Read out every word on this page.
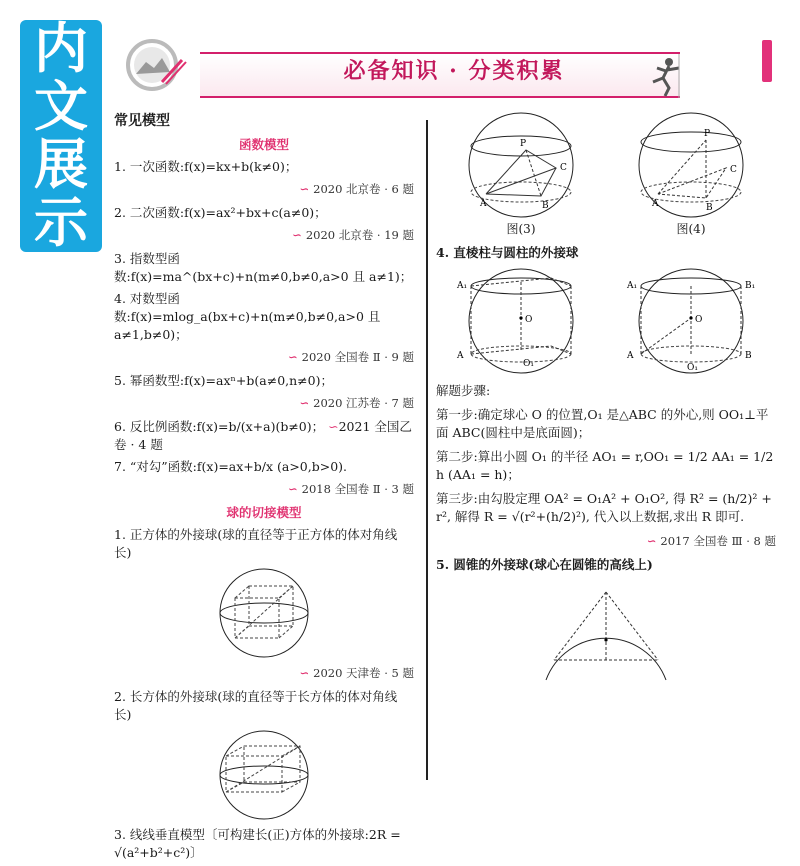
内
文
展
示
必备知识 · 分类积累
常见模型
函数模型
1. 一次函数:f(x)=kx+b(k≠0)；
∽ 2020 北京卷 · 6 题
2. 二次函数:f(x)=ax²+bx+c(a≠0)；
∽ 2020 北京卷 · 19 题
3. 指数型函数:f(x)=ma^(bx+c)+n(m≠0,b≠0,a>0 且 a≠1)；
4. 对数型函数:f(x)=mlog_a(bx+c)+n(m≠0,b≠0,a>0 且 a≠1,b≠0)；
∽ 2020 全国卷 Ⅱ · 9 题
5. 幂函数型:f(x)=axⁿ+b(a≠0,n≠0)；
∽ 2020 江苏卷 · 7 题
6. 反比例函数:f(x)=b/(x+a)(b≠0)； ∽2021 全国乙卷 · 4 题
7. “对勾”函数:f(x)=ax+b/x (a>0,b>0).
∽ 2018 全国卷 Ⅱ · 3 题
球的切接模型
1. 正方体的外接球(球的直径等于正方体的体对角线长)
∽ 2020 天津卷 · 5 题
2. 长方体的外接球(球的直径等于长方体的体对角线长)
3. 线线垂直模型〔可构建长(正)方体的外接球:2R = √(a²+b²+c²)〕
A	B
C
P
A	B
C
P
图(3)	图(4)
4. 直棱柱与圆柱的外接球
A₁
A
O
O₁
A₁	B₁
A	B
O
O₁

解题步骤:

第一步:确定球心 O 的位置,O₁ 是△ABC 的外心,则 OO₁⊥平面 ABC(圆柱中是底面圆)；

第二步:算出小圆 O₁ 的半径 AO₁ = r,OO₁ = 1/2 AA₁ = 1/2 h (AA₁ = h)；

第三步:由勾股定理 OA² = O₁A² + O₁O², 得 R² = (h/2)² + r², 解得 R = √(r²+(h/2)²), 代入以上数据,求出 R 即可.

∽ 2017 全国卷 Ⅲ · 8 题
5. 圆锥的外接球(球心在圆锥的高线上)
